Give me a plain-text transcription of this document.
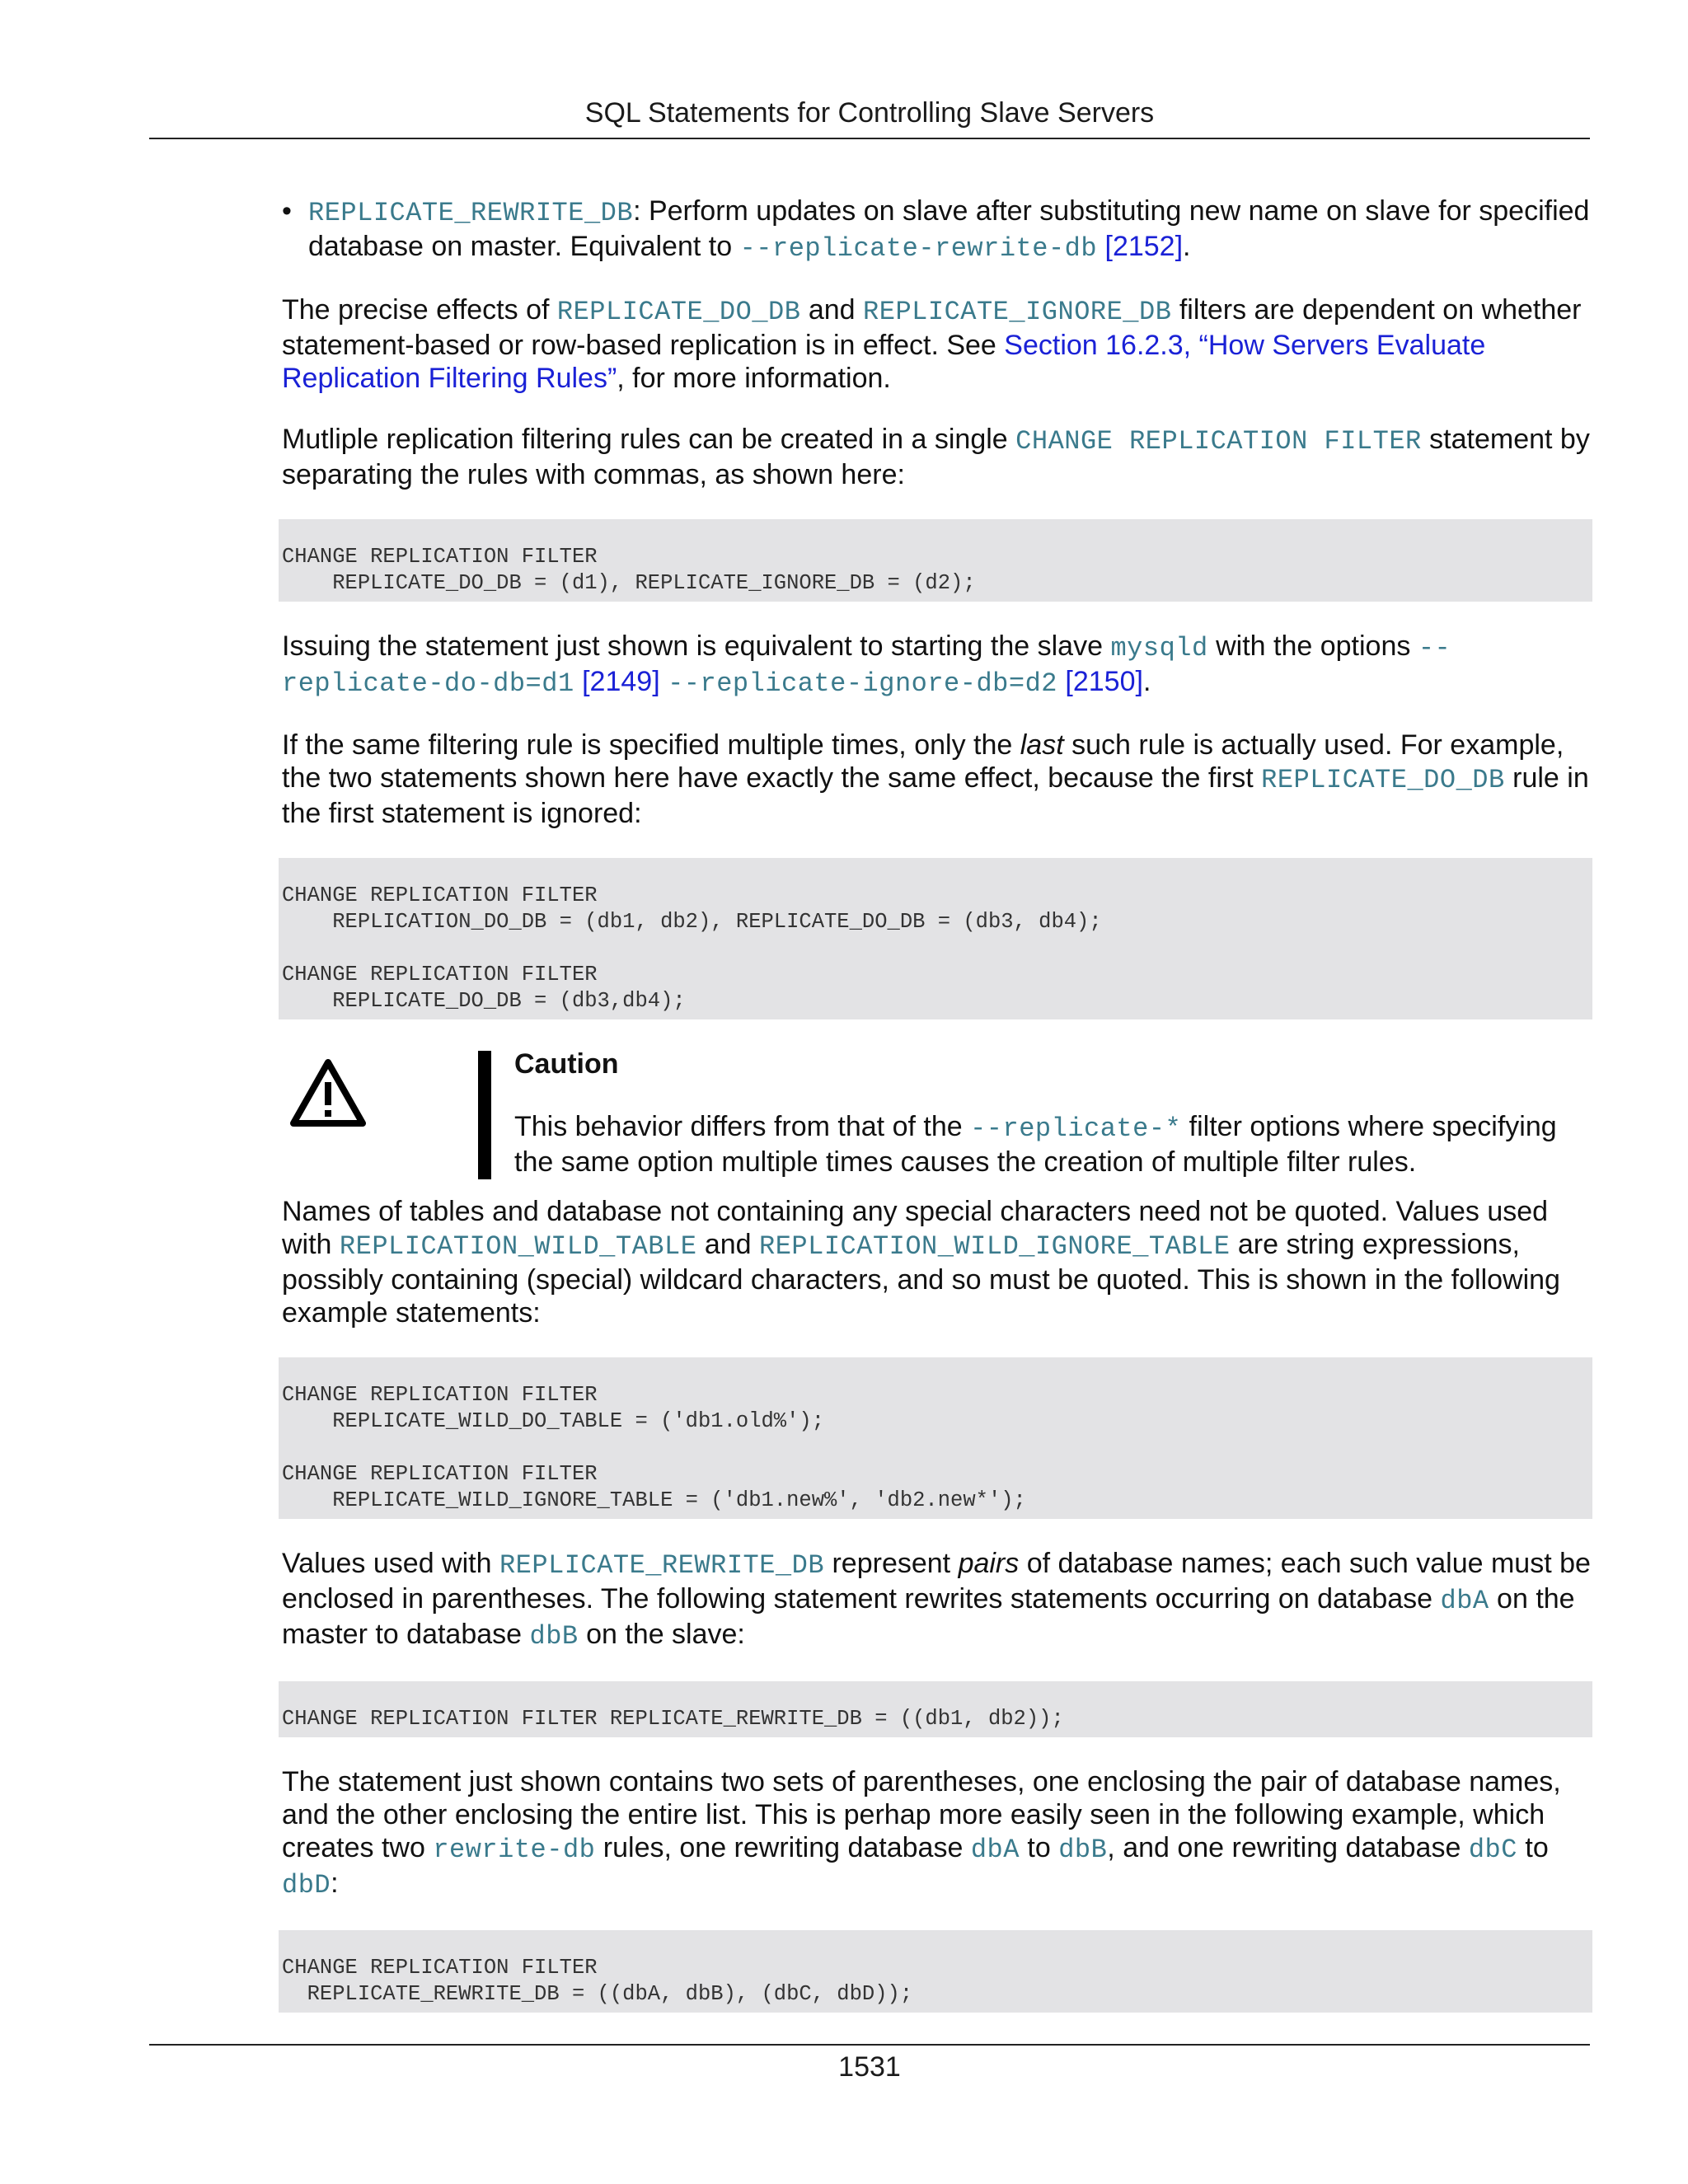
SQL Statements for Controlling Slave Servers
• REPLICATE_REWRITE_DB: Perform updates on slave after substituting new name on slave for specified database on master. Equivalent to --replicate-rewrite-db [2152].

The precise effects of REPLICATE_DO_DB and REPLICATE_IGNORE_DB filters are dependent on whether statement-based or row-based replication is in effect. See Section 16.2.3, “How Servers Evaluate Replication Filtering Rules”, for more information.

Mutliple replication filtering rules can be created in a single CHANGE REPLICATION FILTER statement by separating the rules with commas, as shown here:

CHANGE REPLICATION FILTER
REPLICATE_DO_DB = (d1), REPLICATE_IGNORE_DB = (d2);

Issuing the statement just shown is equivalent to starting the slave mysqld with the options --replicate-do-db=d1 [2149] --replicate-ignore-db=d2 [2150].

If the same filtering rule is specified multiple times, only the last such rule is actually used. For example, the two statements shown here have exactly the same effect, because the first REPLICATE_DO_DB rule in the first statement is ignored:

CHANGE REPLICATION FILTER
REPLICATION_DO_DB = (db1, db2), REPLICATE_DO_DB = (db3, db4);

CHANGE REPLICATION FILTER
REPLICATE_DO_DB = (db3,db4);
Caution
This behavior differs from that of the --replicate-* filter options where specifying the same option multiple times causes the creation of multiple filter rules.

Names of tables and database not containing any special characters need not be quoted. Values used with REPLICATION_WILD_TABLE and REPLICATION_WILD_IGNORE_TABLE are string expressions, possibly containing (special) wildcard characters, and so must be quoted. This is shown in the following example statements:

CHANGE REPLICATION FILTER
REPLICATE_WILD_DO_TABLE = ('db1.old%');

CHANGE REPLICATION FILTER
REPLICATE_WILD_IGNORE_TABLE = ('db1.new%', 'db2.new*');

Values used with REPLICATE_REWRITE_DB represent pairs of database names; each such value must be enclosed in parentheses. The following statement rewrites statements occurring on database dbA on the master to database dbB on the slave:

CHANGE REPLICATION FILTER REPLICATE_REWRITE_DB = ((db1, db2));

The statement just shown contains two sets of parentheses, one enclosing the pair of database names, and the other enclosing the entire list. This is perhap more easily seen in the following example, which creates two rewrite-db rules, one rewriting database dbA to dbB, and one rewriting database dbC to dbD:

CHANGE REPLICATION FILTER
REPLICATE_REWRITE_DB = ((dbA, dbB), (dbC, dbD));
1531
